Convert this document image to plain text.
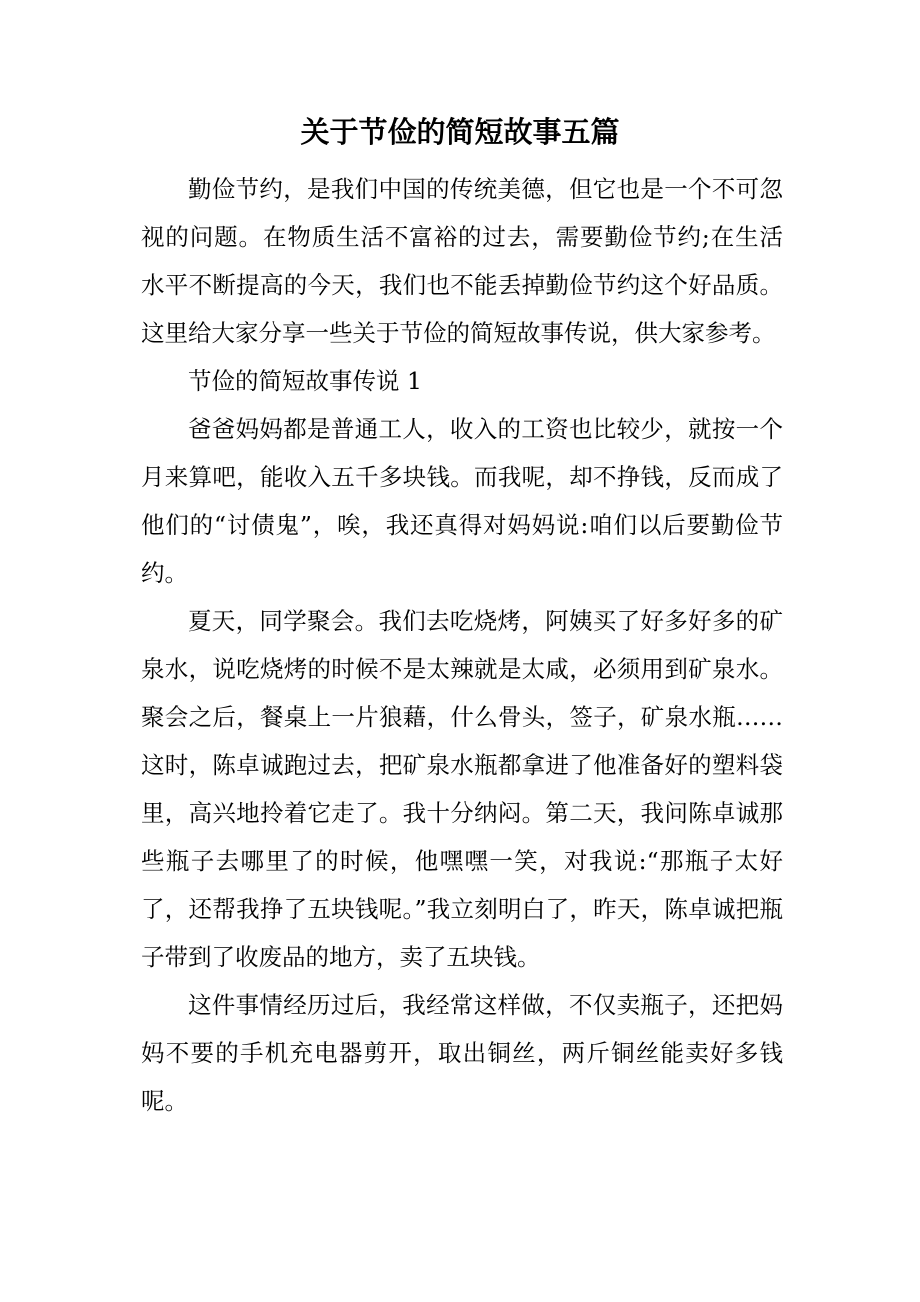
关于节俭的简短故事五篇

勤俭节约，是我们中国的传统美德，但它也是一个不可忽视的问题。在物质生活不富裕的过去，需要勤俭节约;在生活水平不断提高的今天，我们也不能丢掉勤俭节约这个好品质。这里给大家分享一些关于节俭的简短故事传说，供大家参考。

节俭的简短故事传说 1

爸爸妈妈都是普通工人，收入的工资也比较少，就按一个月来算吧，能收入五千多块钱。而我呢，却不挣钱，反而成了他们的“讨债鬼”，唉，我还真得对妈妈说:咱们以后要勤俭节约。

夏天，同学聚会。我们去吃烧烤，阿姨买了好多好多的矿泉水，说吃烧烤的时候不是太辣就是太咸，必须用到矿泉水。聚会之后，餐桌上一片狼藉，什么骨头，签子，矿泉水瓶……这时，陈卓诚跑过去，把矿泉水瓶都拿进了他准备好的塑料袋里，高兴地拎着它走了。我十分纳闷。第二天，我问陈卓诚那些瓶子去哪里了的时候，他嘿嘿一笑，对我说:“那瓶子太好了，还帮我挣了五块钱呢。”我立刻明白了，昨天，陈卓诚把瓶子带到了收废品的地方，卖了五块钱。

这件事情经历过后，我经常这样做，不仅卖瓶子，还把妈妈不要的手机充电器剪开，取出铜丝，两斤铜丝能卖好多钱呢。
